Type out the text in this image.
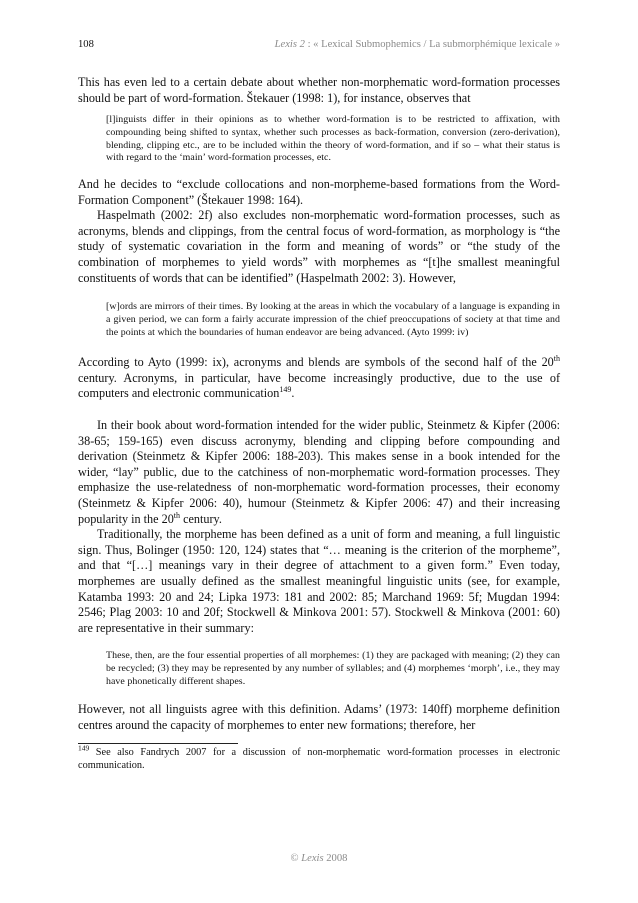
108	Lexis 2 : « Lexical Submophemics / La submorphémique lexicale »

This has even led to a certain debate about whether non-morphematic word-formation processes should be part of word-formation. Štekauer (1998: 1), for instance, observes that

[l]inguists differ in their opinions as to whether word-formation is to be restricted to affixation, with compounding being shifted to syntax, whether such processes as back-formation, conversion (zero-derivation), blending, clipping etc., are to be included within the theory of word-formation, and if so – what their status is with regard to the ‘main’ word-formation processes, etc.

And he decides to “exclude collocations and non-morpheme-based formations from the Word-Formation Component” (Štekauer 1998: 164).

Haspelmath (2002: 2f) also excludes non-morphematic word-formation processes, such as acronyms, blends and clippings, from the central focus of word-formation, as morphology is “the study of systematic covariation in the form and meaning of words” or “the study of the combination of morphemes to yield words” with morphemes as “[t]he smallest meaningful constituents of words that can be identified” (Haspelmath 2002: 3). However,

[w]ords are mirrors of their times. By looking at the areas in which the vocabulary of a language is expanding in a given period, we can form a fairly accurate impression of the chief preoccupations of society at that time and the points at which the boundaries of human endeavor are being advanced. (Ayto 1999: iv)

According to Ayto (1999: ix), acronyms and blends are symbols of the second half of the 20th century. Acronyms, in particular, have become increasingly productive, due to the use of computers and electronic communication$^{149}$.

In their book about word-formation intended for the wider public, Steinmetz & Kipfer (2006: 38-65; 159-165) even discuss acronymy, blending and clipping before compounding and derivation (Steinmetz & Kipfer 2006: 188-203). This makes sense in a book intended for the wider, “lay” public, due to the catchiness of non-morphematic word-formation processes. They emphasize the use-relatedness of non-morphematic word-formation processes, their economy (Steinmetz & Kipfer 2006: 40), humour (Steinmetz & Kipfer 2006: 47) and their increasing popularity in the 20th century.

Traditionally, the morpheme has been defined as a unit of form and meaning, a full linguistic sign. Thus, Bolinger (1950: 120, 124) states that “… meaning is the criterion of the morpheme”, and that “[…] meanings vary in their degree of attachment to a given form.” Even today, morphemes are usually defined as the smallest meaningful linguistic units (see, for example, Katamba 1993: 20 and 24; Lipka 1973: 181 and 2002: 85; Marchand 1969: 5f; Mugdan 1994: 2546; Plag 2003: 10 and 20f; Stockwell & Minkova 2001: 57). Stockwell & Minkova (2001: 60) are representative in their summary:

These, then, are the four essential properties of all morphemes: (1) they are packaged with meaning; (2) they can be recycled; (3) they may be represented by any number of syllables; and (4) morphemes ‘morph’, i.e., they may have phonetically different shapes.

However, not all linguists agree with this definition. Adams’ (1973: 140ff) morpheme definition centres around the capacity of morphemes to enter new formations; therefore, her

$^{149}$ See also Fandrych 2007 for a discussion of non-morphematic word-formation processes in electronic communication.

© Lexis 2008
